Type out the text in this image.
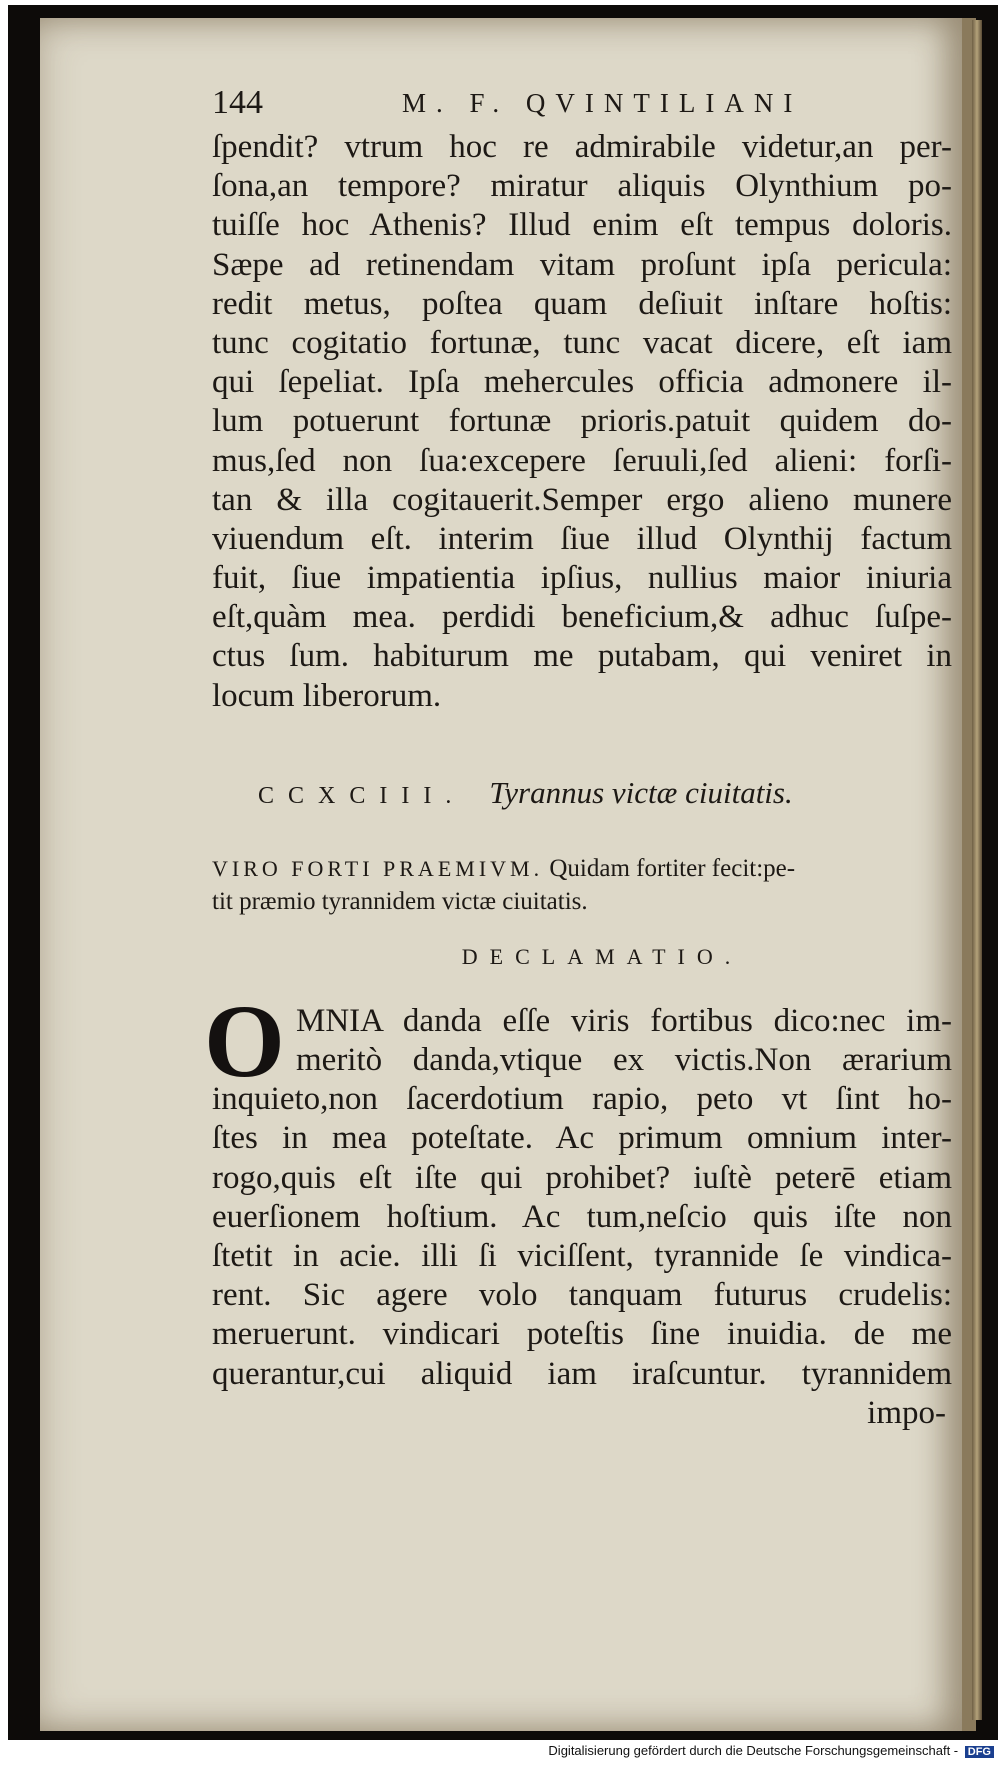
144	M. F. QVINTILIANI
ſpendit? vtrum hoc re admirabile videtur,an per-
ſona,an tempore? miratur aliquis Olynthium po-
tuiſſe hoc Athenis? Illud enim eſt tempus doloris.
Sæpe ad retinendam vitam proſunt ipſa pericula:
redit metus, poſtea quam deſiuit inſtare hoſtis:
tunc cogitatio fortunæ, tunc vacat dicere, eſt iam
qui ſepeliat. Ipſa mehercules officia admonere il-
lum potuerunt fortunæ prioris.patuit quidem do-
mus,ſed non ſua:excepere ſeruuli,ſed alieni: forſi-
tan & illa cogitauerit.Semper ergo alieno munere
viuendum eſt. interim ſiue illud Olynthij factum
fuit, ſiue impatientia ipſius, nullius maior iniuria
eſt,quàm mea. perdidi beneficium,& adhuc ſuſpe-
ctus ſum. habiturum me putabam, qui veniret in
locum liberorum.
CCXCIII. Tyrannus victæ ciuitatis.
VIRO FORTI PRAEMIVM. Quidam fortiter fecit:pe-
tit præmio tyrannidem victæ ciuitatis.
DECLAMATIO.
O MNIA danda eſſe viris fortibus dico:nec im-
meritò danda,vtique ex victis.Non ærarium
inquieto,non ſacerdotium rapio, peto vt ſint ho-
ſtes in mea poteſtate. Ac primum omnium inter-
rogo,quis eſt iſte qui prohibet? iuſtè peterē etiam
euerſionem hoſtium. Ac tum,neſcio quis iſte non
ſtetit in acie. illi ſi viciſſent, tyrannide ſe vindica-
rent. Sic agere volo tanquam futurus crudelis:
meruerunt. vindicari poteſtis ſine inuidia. de me
querantur,cui aliquid iam iraſcuntur. tyrannidem
impo-
Digitalisierung gefördert durch die Deutsche Forschungsgemeinschaft - DFG
